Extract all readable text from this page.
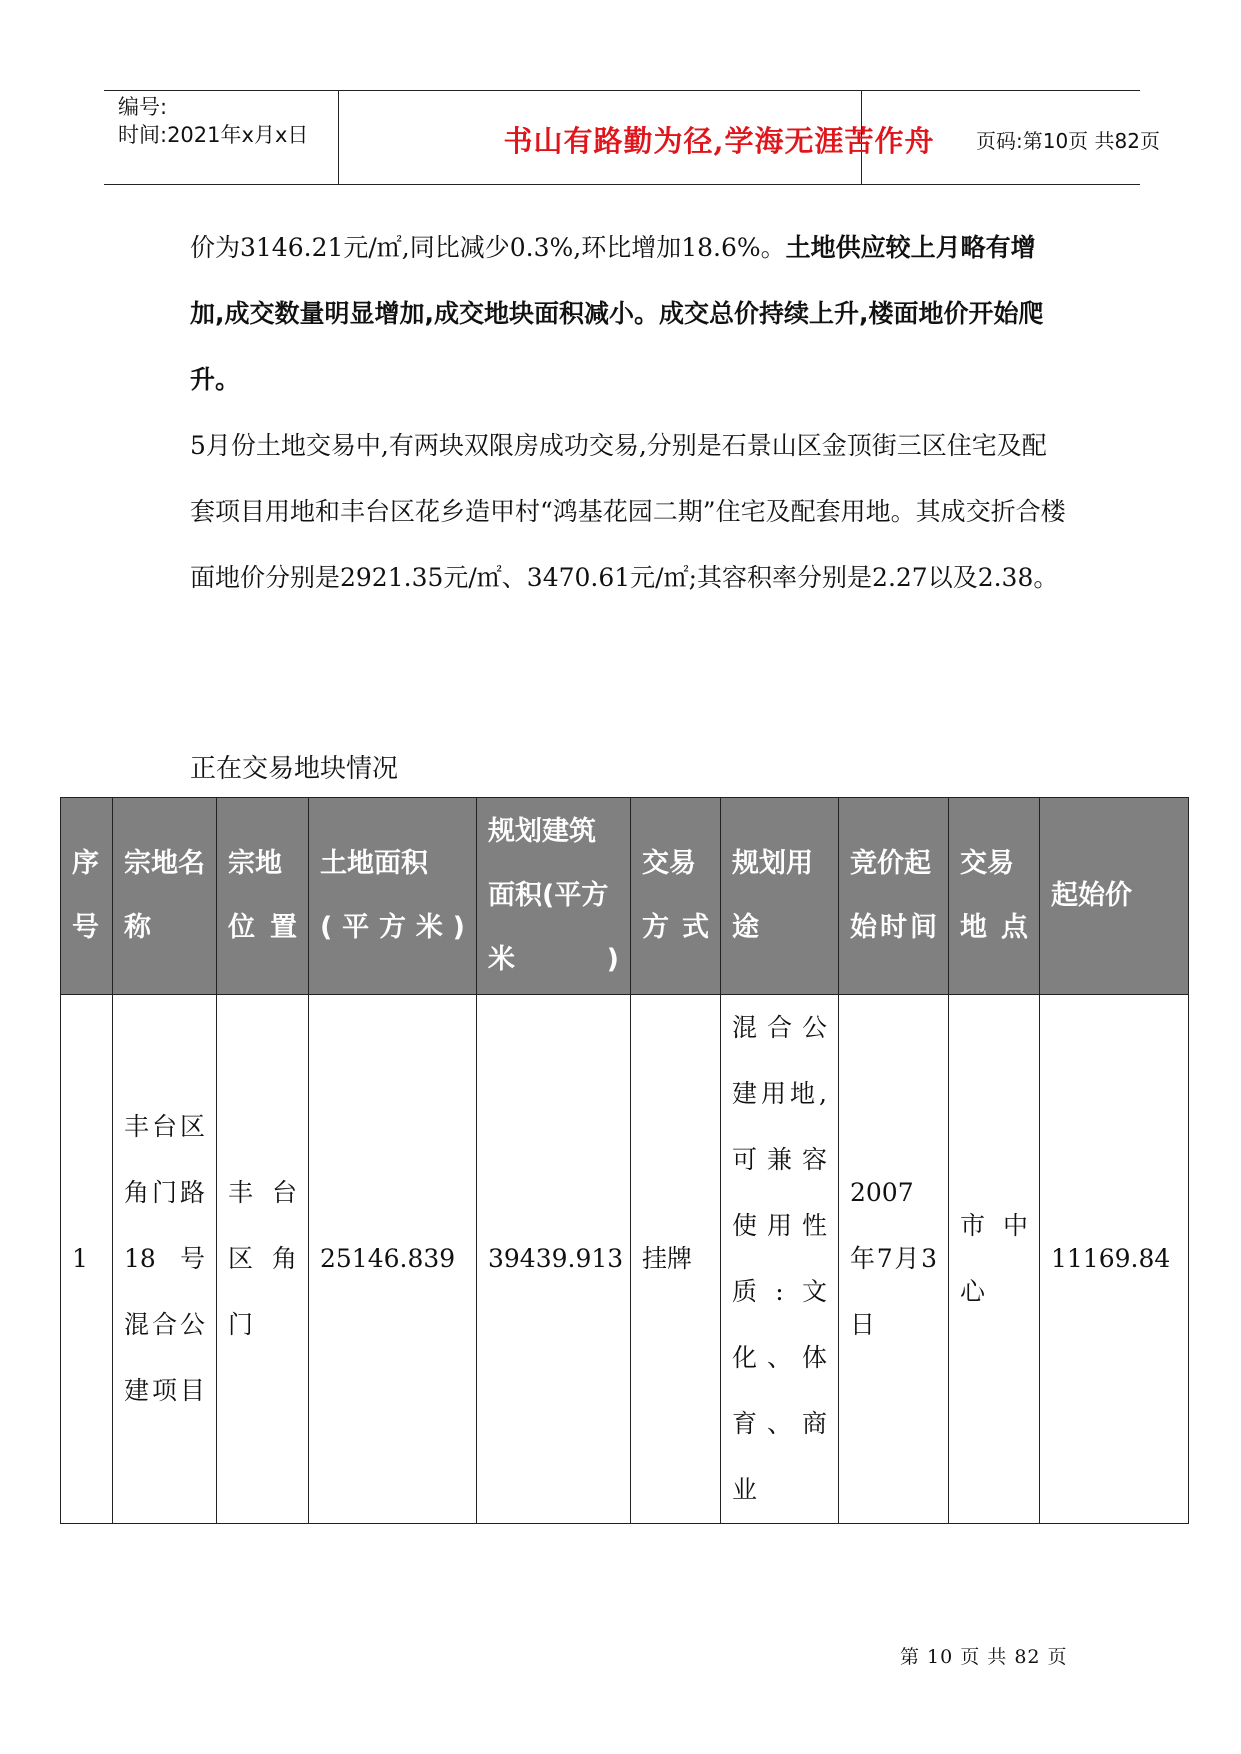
编号:
时间:2021年x月x日	书山有路勤为径,学海无涯苦作舟	页码:第10页 共82页

价为3146.21元/㎡,同比减少0.3%,环比增加18.6%。土地供应较上月略有增加,成交数量明显增加,成交地块面积减小。成交总价持续上升,楼面地价开始爬升。

5月份土地交易中,有两块双限房成功交易,分别是石景山区金顶街三区住宅及配套项目用地和丰台区花乡造甲村“鸿基花园二期”住宅及配套用地。其成交折合楼面地价分别是2921.35元/㎡、3470.61元/㎡;其容积率分别是2.27以及2.38。

正在交易地块情况
序号	宗地名称	宗地位置	土地面积(平方米)	规划建筑面积(平方米)	交易方式	规划用途	竞价起始时间	交易地点	起始价
1	丰台区角门路18号混合公建项目	丰台区角门	25146.839	39439.913	挂牌	混合公建用地,可兼容使用性质:文化、体育、商业	2007年7月3日	市中心	11169.84
第 10 页 共 82 页
